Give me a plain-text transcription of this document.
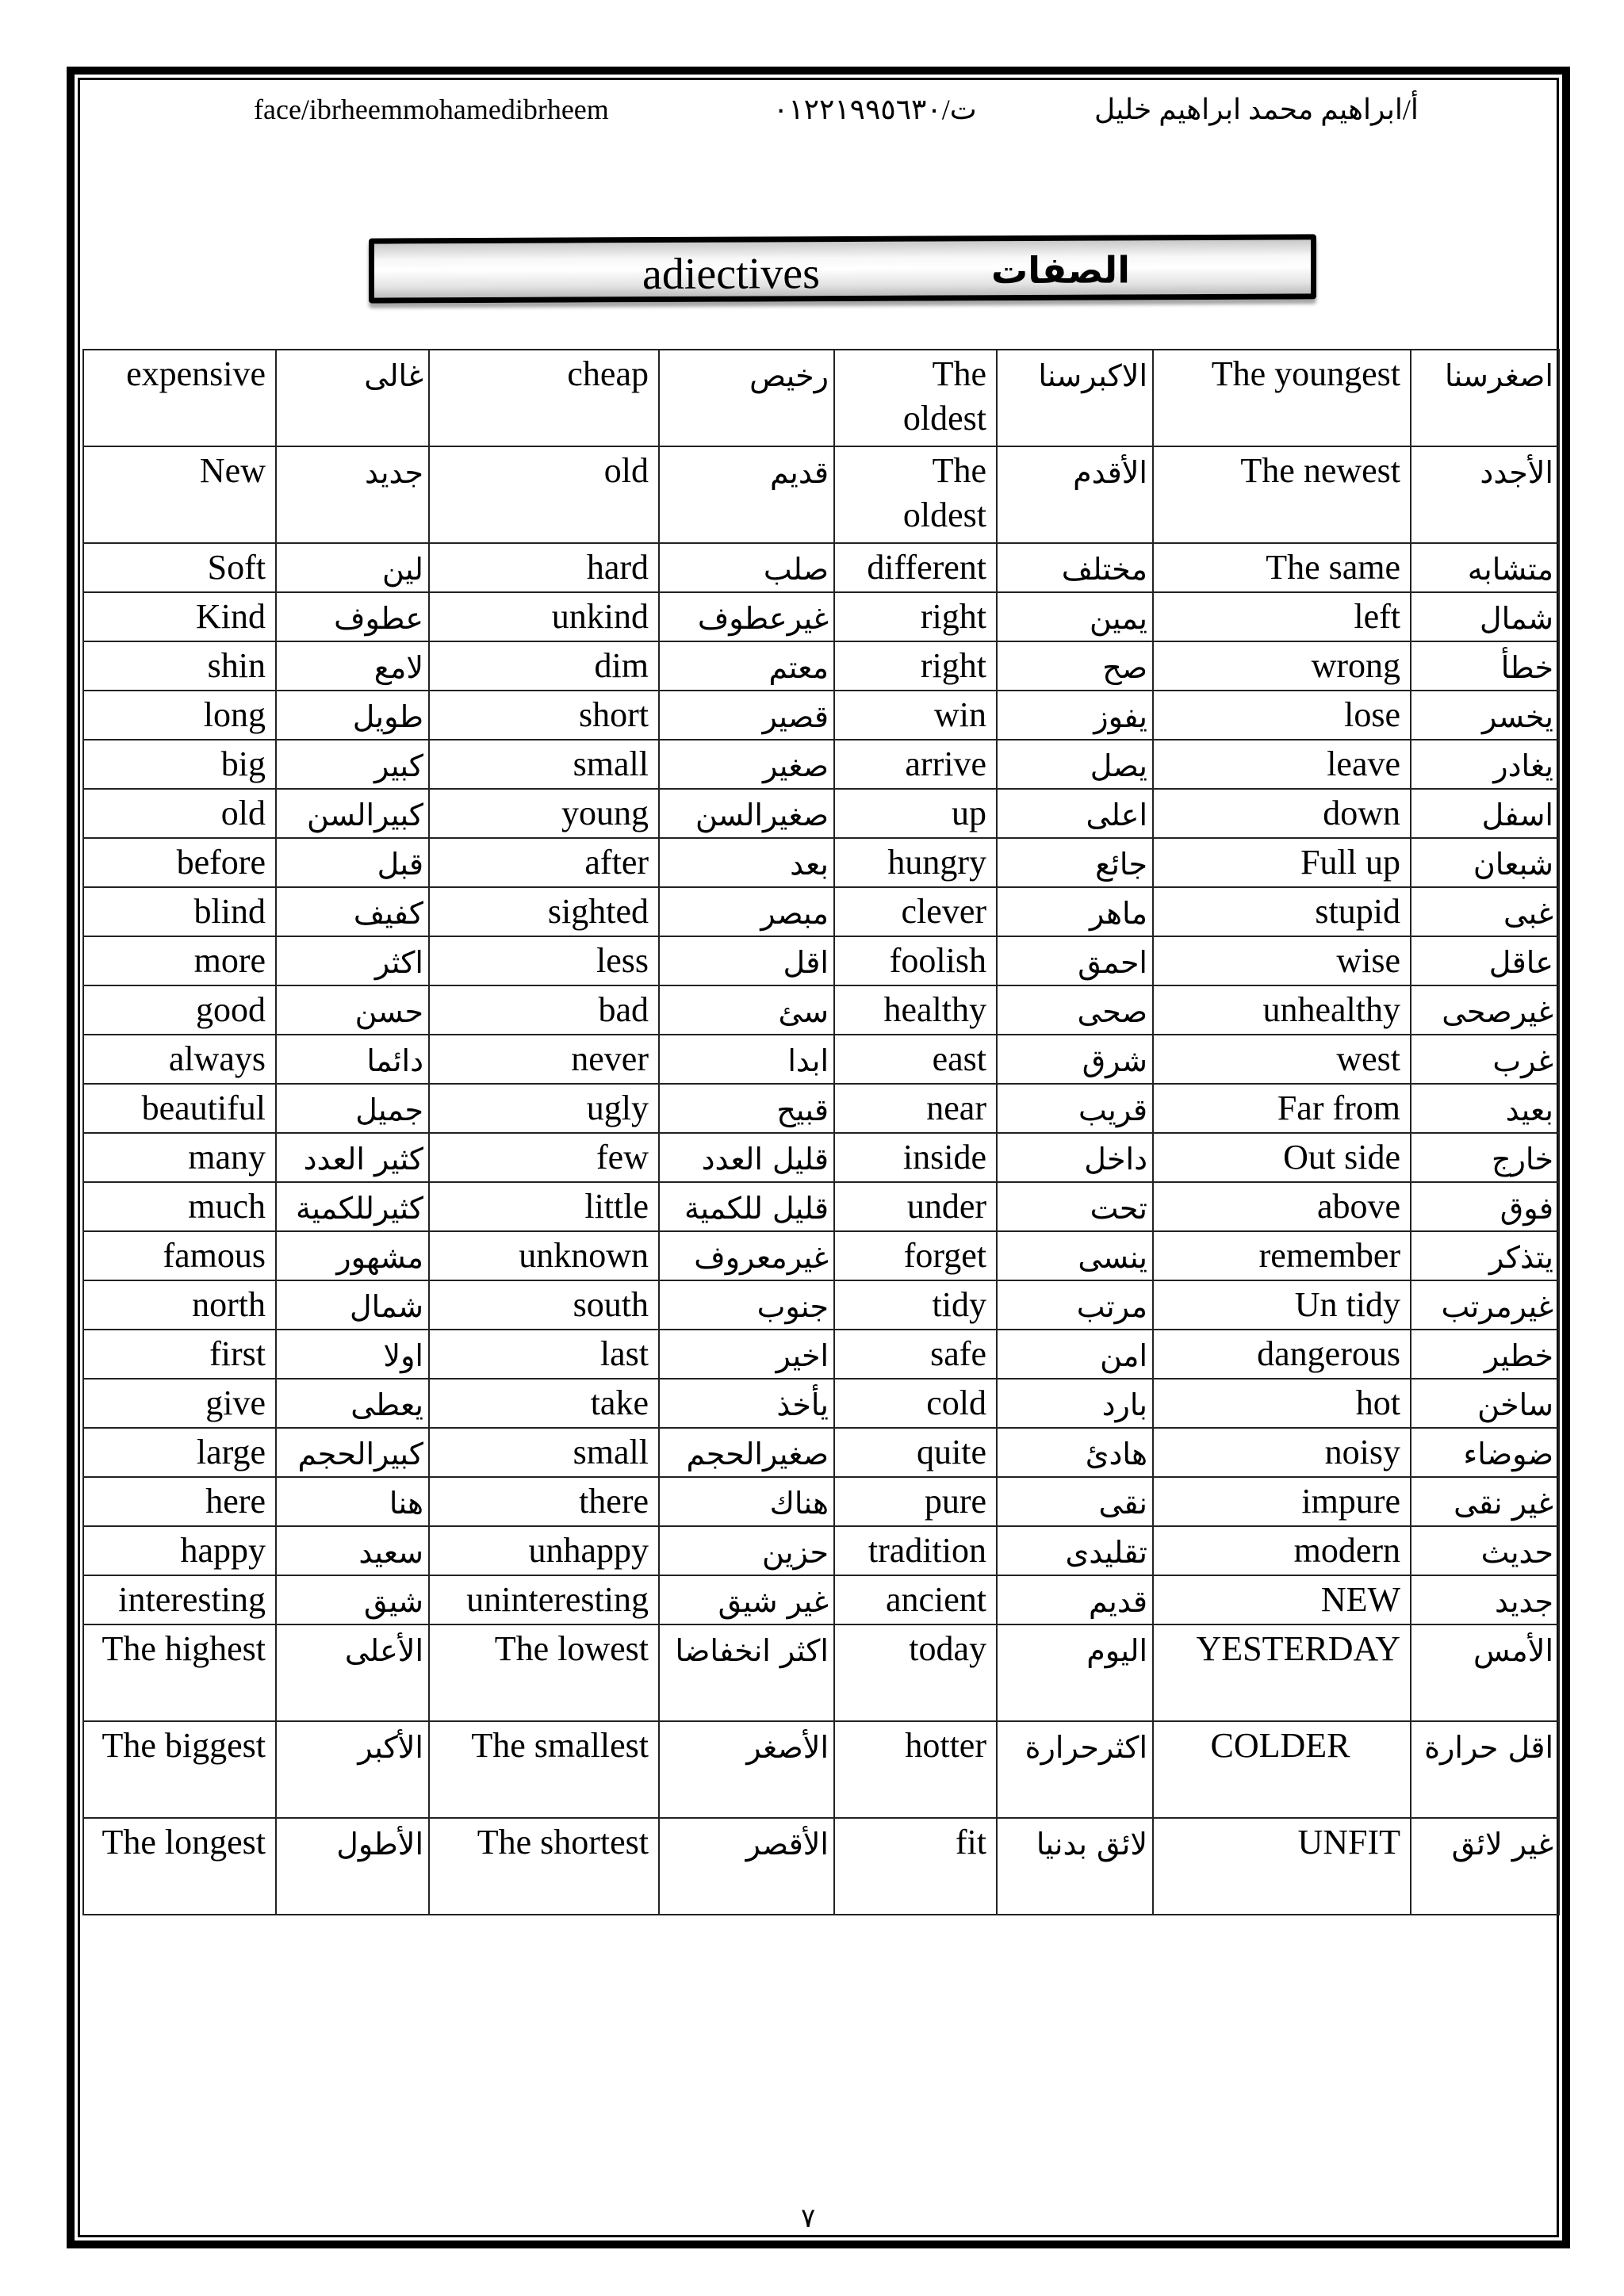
face/ibrheemmohamedibrheem	ت/٠١٢٢١٩٩٥٦٣٠	أ/ابراهيم محمد ابراهيم خليل
adiectives	الصفات
expensive	غالى	cheap	رخيص	The oldest	الاكبرسنا	The youngest	اصغرسنا

New	جديد	old	قديم	The oldest	الأقدم	The newest	الأجدد

Soft	لين	hard	صلب	different	مختلف	The same	متشابه

Kind	عطوف	unkind	غيرعطوف	right	يمين	left	شمال

shin	لامع	dim	معتم	right	صح	wrong	خطأ

long	طويل	short	قصير	win	يفوز	lose	يخسر

big	كبير	small	صغير	arrive	يصل	leave	يغادر

old	كبيرالسن	young	صغيرالسن	up	اعلى	down	اسفل

before	قبل	after	بعد	hungry	جائع	Full up	شبعان

blind	كفيف	sighted	مبصر	clever	ماهر	stupid	غبى

more	اكثر	less	اقل	foolish	احمق	wise	عاقل

good	حسن	bad	سئ	healthy	صحى	unhealthy	غيرصحى

always	دائما	never	ابدا	east	شرق	west	غرب

beautiful	جميل	ugly	قبيح	near	قريب	Far from	بعيد

many	كثير العدد	few	قليل العدد	inside	داخل	Out side	خارج

much	كثيرللكمية	little	قليل للكمية	under	تحت	above	فوق

famous	مشهور	unknown	غيرمعروف	forget	ينسى	remember	يتذكر

north	شمال	south	جنوب	tidy	مرتب	Un tidy	غيرمرتب

first	اولا	last	اخير	safe	امن	dangerous	خطير

give	يعطى	take	يأخذ	cold	بارد	hot	ساخن

large	كبيرالحجم	small	صغيرالحجم	quite	هادئ	noisy	ضوضاء

here	هنا	there	هناك	pure	نقى	impure	غير نقى

happy	سعيد	unhappy	حزين	tradition	تقليدى	modern	حديث

interesting	شيق	uninteresting	غير شيق	ancient	قديم	NEW	جديد

The highest	الأعلى	The lowest	اكثر انخفاضا	today	اليوم	YESTERDAY	الأمس

The biggest	الأكبر	The smallest	الأصغر	hotter	اكثرحرارة	COLDER	اقل حرارة

The longest	الأطول	The shortest	الأقصر	fit	لائق بدنيا	UNFIT	غير لائق
٧
